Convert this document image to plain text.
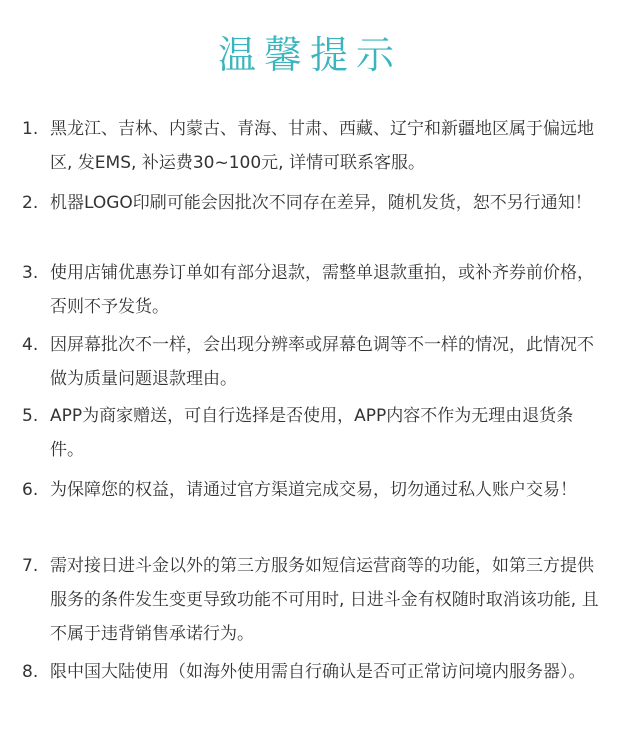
温馨提示
1. 黑龙江、吉林、内蒙古、青海、甘肃、西藏、辽宁和新疆地区属于偏远地区, 发EMS, 补运费30~100元, 详情可联系客服。
2. 机器LOGO印刷可能会因批次不同存在差异，随机发货，恕不另行通知！
3. 使用店铺优惠券订单如有部分退款，需整单退款重拍，或补齐券前价格，否则不予发货。
4. 因屏幕批次不一样，会出现分辨率或屏幕色调等不一样的情况，此情况不做为质量问题退款理由。
5. APP为商家赠送，可自行选择是否使用，APP内容不作为无理由退货条件。
6. 为保障您的权益，请通过官方渠道完成交易，切勿通过私人账户交易！
7. 需对接日进斗金以外的第三方服务如短信运营商等的功能，如第三方提供服务的条件发生变更导致功能不可用时, 日进斗金有权随时取消该功能, 且不属于违背销售承诺行为。
8. 限中国大陆使用（如海外使用需自行确认是否可正常访问境内服务器）。
